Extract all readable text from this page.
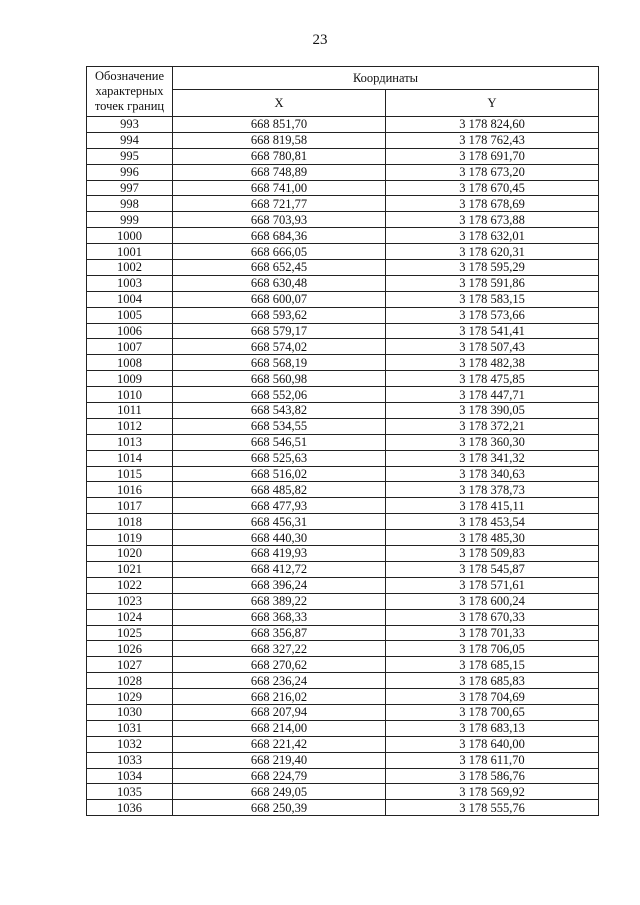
23
Обозначение характерных точек границ	Координаты	
	X	Y
993	668 851,70	3 178 824,60
994	668 819,58	3 178 762,43
995	668 780,81	3 178 691,70
996	668 748,89	3 178 673,20
997	668 741,00	3 178 670,45
998	668 721,77	3 178 678,69
999	668 703,93	3 178 673,88
1000	668 684,36	3 178 632,01
1001	668 666,05	3 178 620,31
1002	668 652,45	3 178 595,29
1003	668 630,48	3 178 591,86
1004	668 600,07	3 178 583,15
1005	668 593,62	3 178 573,66
1006	668 579,17	3 178 541,41
1007	668 574,02	3 178 507,43
1008	668 568,19	3 178 482,38
1009	668 560,98	3 178 475,85
1010	668 552,06	3 178 447,71
1011	668 543,82	3 178 390,05
1012	668 534,55	3 178 372,21
1013	668 546,51	3 178 360,30
1014	668 525,63	3 178 341,32
1015	668 516,02	3 178 340,63
1016	668 485,82	3 178 378,73
1017	668 477,93	3 178 415,11
1018	668 456,31	3 178 453,54
1019	668 440,30	3 178 485,30
1020	668 419,93	3 178 509,83
1021	668 412,72	3 178 545,87
1022	668 396,24	3 178 571,61
1023	668 389,22	3 178 600,24
1024	668 368,33	3 178 670,33
1025	668 356,87	3 178 701,33
1026	668 327,22	3 178 706,05
1027	668 270,62	3 178 685,15
1028	668 236,24	3 178 685,83
1029	668 216,02	3 178 704,69
1030	668 207,94	3 178 700,65
1031	668 214,00	3 178 683,13
1032	668 221,42	3 178 640,00
1033	668 219,40	3 178 611,70
1034	668 224,79	3 178 586,76
1035	668 249,05	3 178 569,92
1036	668 250,39	3 178 555,76
